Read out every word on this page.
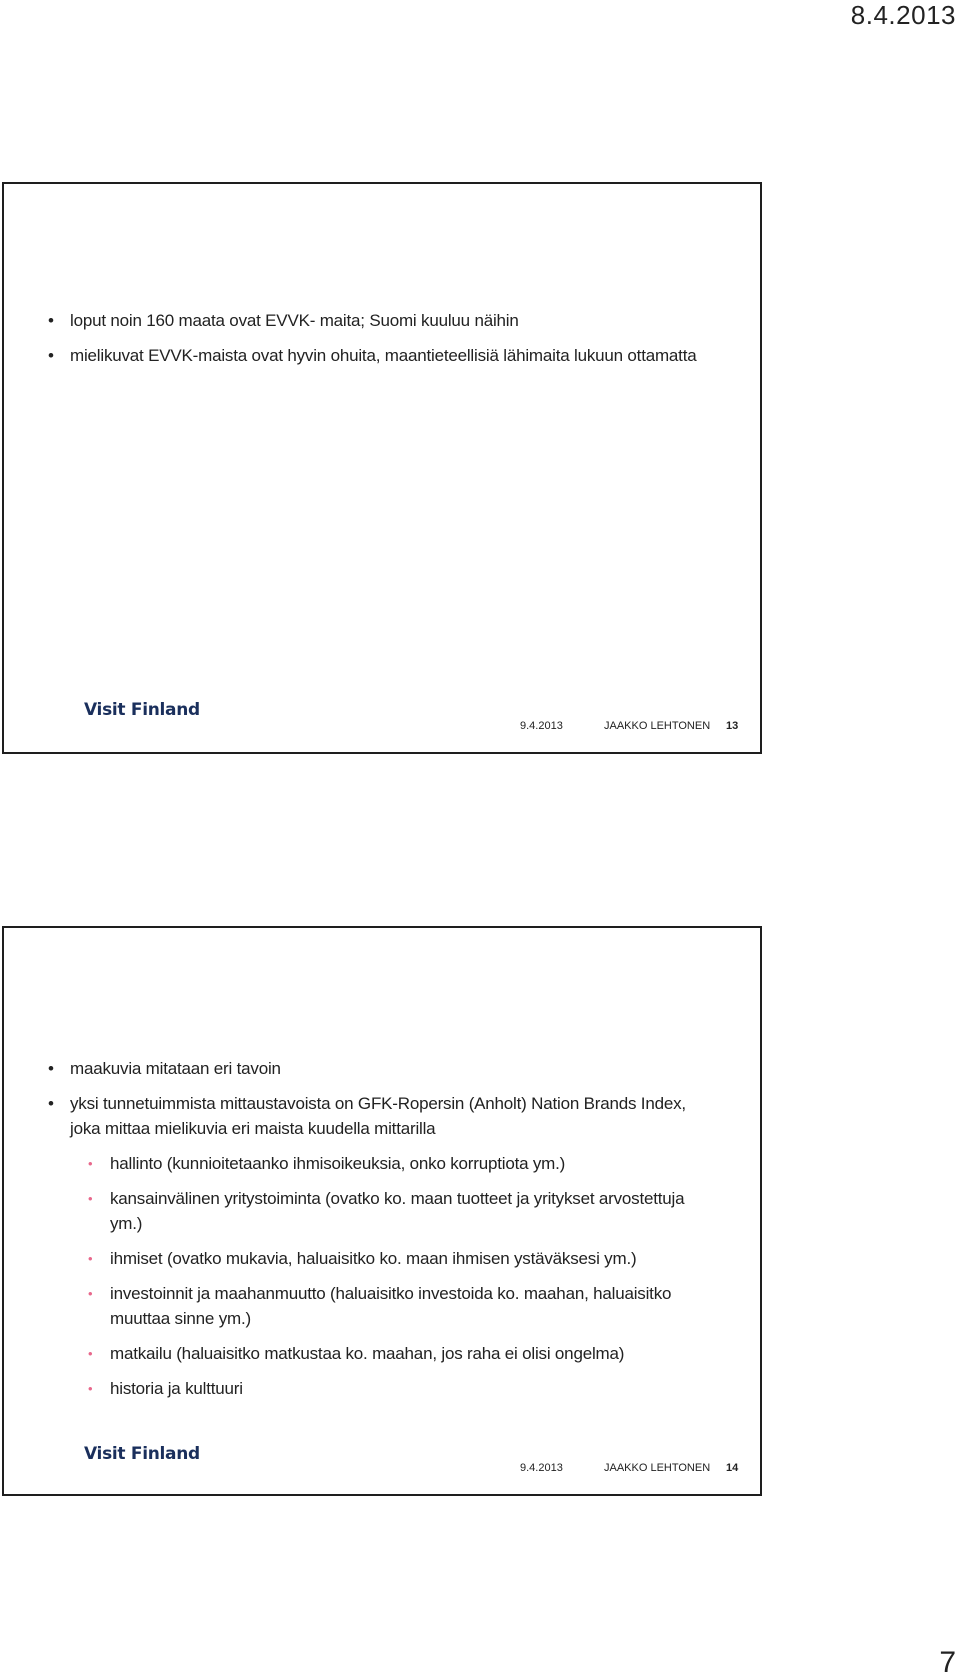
8.4.2013
• loput noin 160 maata ovat EVVK- maita; Suomi kuuluu näihin
• mielikuvat EVVK-maista ovat hyvin ohuita, maantieteellisiä lähimaita lukuun ottamatta
Visit Finland
9.4.2013	JAAKKO LEHTONEN 13
• maakuvia mitataan eri tavoin
• yksi tunnetuimmista mittaustavoista on GFK-Ropersin (Anholt) Nation Brands Index, joka mittaa mielikuvia eri maista kuudella mittarilla
• hallinto (kunnioitetaanko ihmisoikeuksia, onko korruptiota ym.)
• kansainvälinen yritystoiminta (ovatko ko. maan tuotteet ja yritykset arvostettuja ym.)
• ihmiset (ovatko mukavia, haluaisitko ko. maan ihmisen ystäväksesi ym.)
• investoinnit ja maahanmuutto (haluaisitko investoida ko. maahan, haluaisitko muuttaa sinne ym.)
• matkailu (haluaisitko matkustaa ko. maahan, jos raha ei olisi ongelma)
• historia ja kulttuuri
Visit Finland
9.4.2013	JAAKKO LEHTONEN 14
7
